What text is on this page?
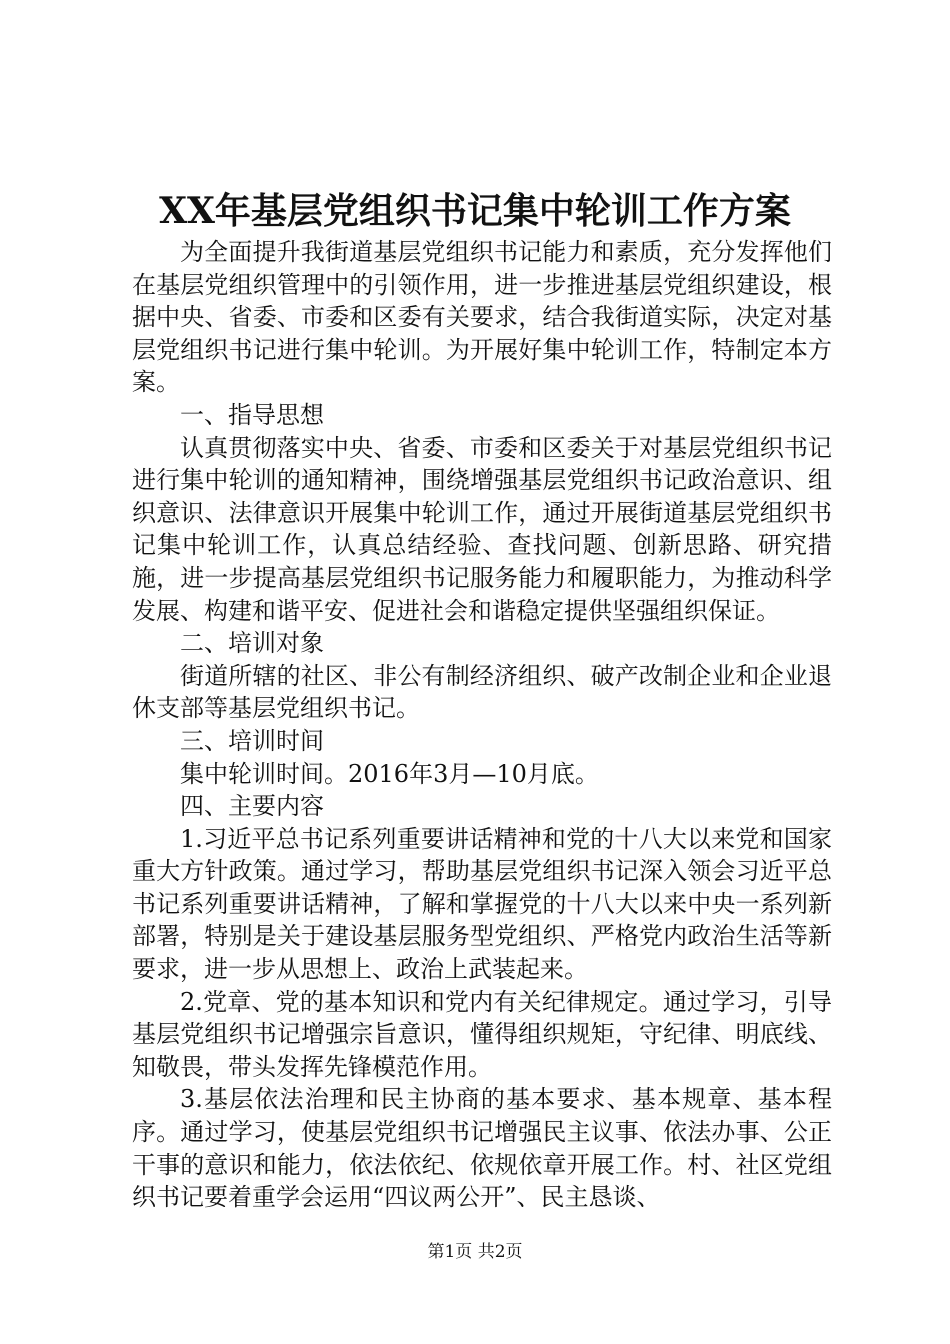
XX年基层党组织书记集中轮训工作方案

为全面提升我街道基层党组织书记能力和素质，充分发挥他们在基层党组织管理中的引领作用，进一步推进基层党组织建设，根据中央、省委、市委和区委有关要求，结合我街道实际，决定对基层党组织书记进行集中轮训。为开展好集中轮训工作，特制定本方案。

一、指导思想

认真贯彻落实中央、省委、市委和区委关于对基层党组织书记进行集中轮训的通知精神，围绕增强基层党组织书记政治意识、组织意识、法律意识开展集中轮训工作，通过开展街道基层党组织书记集中轮训工作，认真总结经验、查找问题、创新思路、研究措施，进一步提高基层党组织书记服务能力和履职能力，为推动科学发展、构建和谐平安、促进社会和谐稳定提供坚强组织保证。

二、培训对象

街道所辖的社区、非公有制经济组织、破产改制企业和企业退休支部等基层党组织书记。

三、培训时间

集中轮训时间。2016年3月—10月底。

四、主要内容

1.习近平总书记系列重要讲话精神和党的十八大以来党和国家重大方针政策。通过学习，帮助基层党组织书记深入领会习近平总书记系列重要讲话精神，了解和掌握党的十八大以来中央一系列新部署，特别是关于建设基层服务型党组织、严格党内政治生活等新要求，进一步从思想上、政治上武装起来。

2.党章、党的基本知识和党内有关纪律规定。通过学习，引导基层党组织书记增强宗旨意识，懂得组织规矩，守纪律、明底线、知敬畏，带头发挥先锋模范作用。

3.基层依法治理和民主协商的基本要求、基本规章、基本程序。通过学习，使基层党组织书记增强民主议事、依法办事、公正干事的意识和能力，依法依纪、依规依章开展工作。村、社区党组织书记要着重学会运用“四议两公开”、民主恳谈、

第1页 共2页
